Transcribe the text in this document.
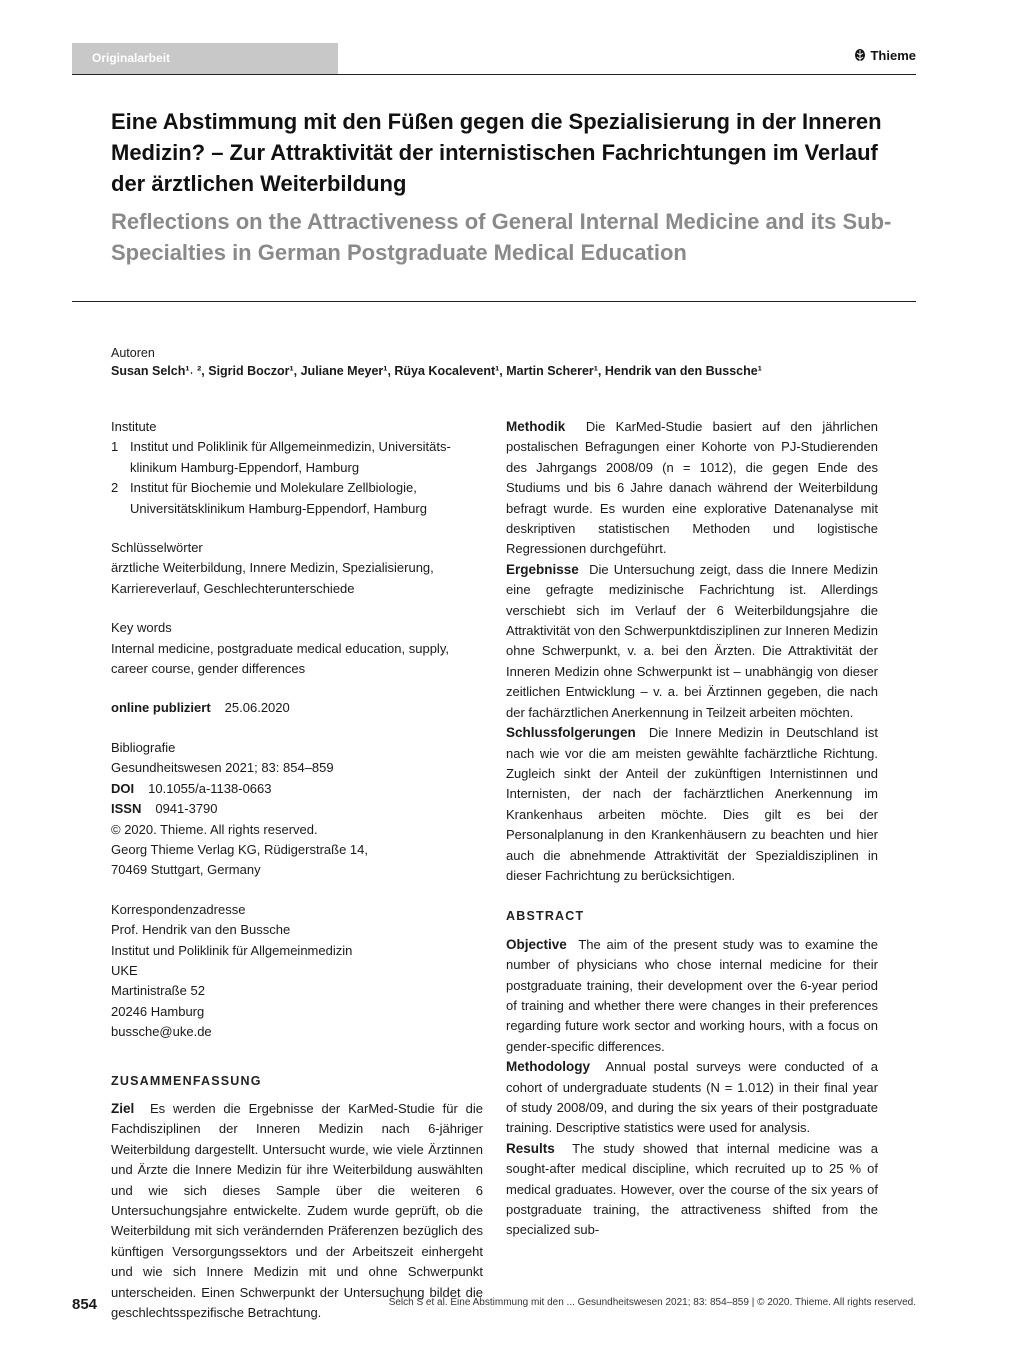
Originalarbeit	Thieme
Eine Abstimmung mit den Füßen gegen die Spezialisierung in der Inneren Medizin? – Zur Attraktivität der internistischen Fachrichtungen im Verlauf der ärztlichen Weiterbildung
Reflections on the Attractiveness of General Internal Medicine and its Sub-Specialties in German Postgraduate Medical Education
Autoren
Susan Selch¹˒ ², Sigrid Boczor¹, Juliane Meyer¹, Rüya Kocalevent¹, Martin Scherer¹, Hendrik van den Bussche¹
Institute
1 Institut und Poliklinik für Allgemeinmedizin, Universitäts-klinikum Hamburg-Eppendorf, Hamburg
2 Institut für Biochemie und Molekulare Zellbiologie, Universitätsklinikum Hamburg-Eppendorf, Hamburg
Schlüsselwörter
ärztliche Weiterbildung, Innere Medizin, Spezialisierung, Karriereverlauf, Geschlechterunterschiede
Key words
Internal medicine, postgraduate medical education, supply, career course, gender differences
online publiziert 25.06.2020
Bibliografie
Gesundheitswesen 2021; 83: 854–859
DOI 10.1055/a-1138-0663
ISSN 0941-3790
© 2020. Thieme. All rights reserved.
Georg Thieme Verlag KG, Rüdigerstraße 14,
70469 Stuttgart, Germany
Korrespondenzadresse
Prof. Hendrik van den Bussche
Institut und Poliklinik für Allgemeinmedizin
UKE
Martinistraße 52
20246 Hamburg
bussche@uke.de
ZUSAMMENFASSUNG
Ziel Es werden die Ergebnisse der KarMed-Studie für die Fachdisziplinen der Inneren Medizin nach 6-jähriger Weiterbildung dargestellt. Untersucht wurde, wie viele Ärztinnen und Ärzte die Innere Medizin für ihre Weiterbildung auswählten und wie sich dieses Sample über die weiteren 6 Untersuchungsjahre entwickelte. Zudem wurde geprüft, ob die Weiterbildung mit sich verändernden Präferenzen bezüglich des künftigen Versorgungssektors und der Arbeitszeit einhergeht und wie sich Innere Medizin mit und ohne Schwerpunkt unterscheiden. Einen Schwerpunkt der Untersuchung bildet die geschlechtsspezifische Betrachtung.
Methodik Die KarMed-Studie basiert auf den jährlichen postalischen Befragungen einer Kohorte von PJ-Studierenden des Jahrgangs 2008/09 (n = 1012), die gegen Ende des Studiums und bis 6 Jahre danach während der Weiterbildung befragt wurde. Es wurden eine explorative Datenanalyse mit deskriptiven statistischen Methoden und logistische Regressionen durchgeführt.
Ergebnisse Die Untersuchung zeigt, dass die Innere Medizin eine gefragte medizinische Fachrichtung ist. Allerdings verschiebt sich im Verlauf der 6 Weiterbildungsjahre die Attraktivität von den Schwerpunktdisziplinen zur Inneren Medizin ohne Schwerpunkt, v. a. bei den Ärzten. Die Attraktivität der Inneren Medizin ohne Schwerpunkt ist – unabhängig von dieser zeitlichen Entwicklung – v. a. bei Ärztinnen gegeben, die nach der fachärztlichen Anerkennung in Teilzeit arbeiten möchten.
Schlussfolgerungen Die Innere Medizin in Deutschland ist nach wie vor die am meisten gewählte fachärztliche Richtung. Zugleich sinkt der Anteil der zukünftigen Internistinnen und Internisten, der nach der fachärztlichen Anerkennung im Krankenhaus arbeiten möchte. Dies gilt es bei der Personalplanung in den Krankenhäusern zu beachten und hier auch die abnehmende Attraktivität der Spezialdisziplinen in dieser Fachrichtung zu berücksichtigen.
ABSTRACT
Objective The aim of the present study was to examine the number of physicians who chose internal medicine for their postgraduate training, their development over the 6-year period of training and whether there were changes in their preferences regarding future work sector and working hours, with a focus on gender-specific differences.
Methodology Annual postal surveys were conducted of a cohort of undergraduate students (N = 1.012) in their final year of study 2008/09, and during the six years of their postgraduate training. Descriptive statistics were used for analysis.
Results The study showed that internal medicine was a sought-after medical discipline, which recruited up to 25 % of medical graduates. However, over the course of the six years of postgraduate training, the attractiveness shifted from the specialized sub-
854	Selch S et al. Eine Abstimmung mit den ... Gesundheitswesen 2021; 83: 854–859 | © 2020. Thieme. All rights reserved.
